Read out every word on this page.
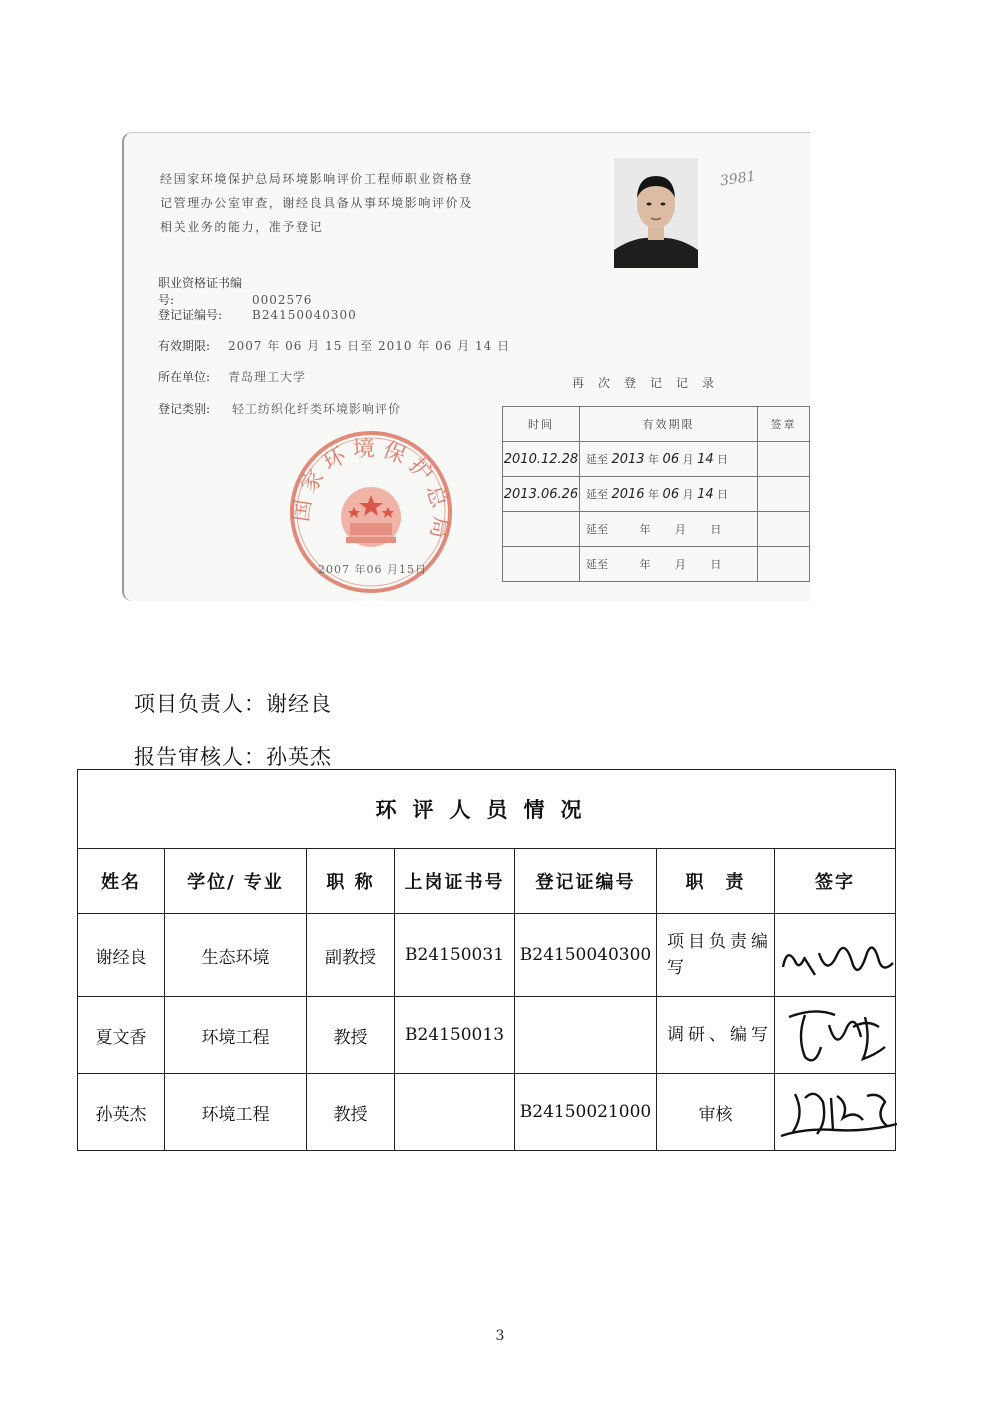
经国家环境保护总局环境影响评价工程师职业资格登记管理办公室审查，谢经良具备从事环境影响评价及相关业务的能力，准予登记
职业资格证书编号:	0002576
登记证编号: B24150040300
有效期限: 2007 年 06 月 15 日至 2010 年 06 月 14 日
所在单位: 青岛理工大学
登记类别: 轻工纺织化纤类环境影响评价
3981
国家环境保护总局
2007 年06 月15日
再次登记记录
时间	有效期限	签章
2010.12.28	延至 2013 年 06 月 14 日	
2013.06.26	延至 2016 年 06 月 14 日	
	延至 年 月 日	
	延至 年 月 日	
项目负责人：谢经良
报告审核人：孙英杰
环评人员情况						
姓名	学位/ 专业	职 称	上岗证书号	登记证编号	职　责	签字
谢经良	生态环境	副教授	B24150031	B24150040300	项目负责编写	

夏文香	环境工程	教授	B24150013		调研、编写	

孙英杰	环境工程	教授		B24150021000	审核	
3
